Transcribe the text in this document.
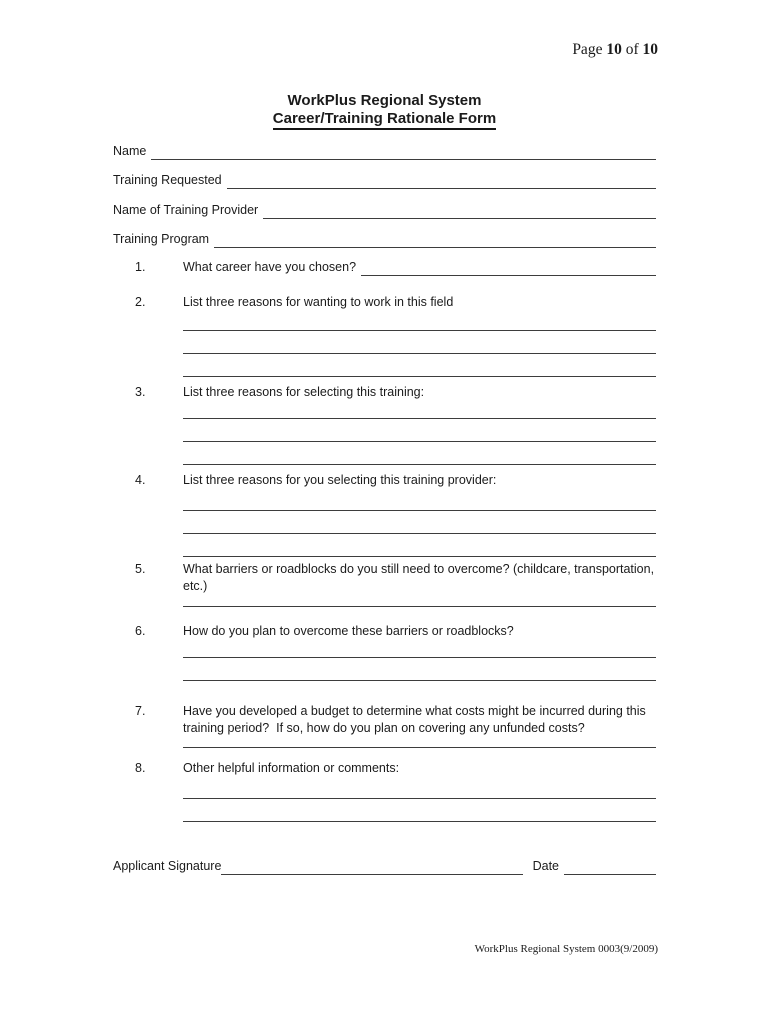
Page 10 of 10
WorkPlus Regional System
Career/Training Rationale Form
Name
Training Requested
Name of Training Provider
Training Program
1.	What career have you chosen?
2.	List three reasons for wanting to work in this field
3.	List three reasons for selecting this training:
4.	List three reasons for you selecting this training provider:
5.	What barriers or roadblocks do you still need to overcome? (childcare, transportation, etc.)
6.	How do you plan to overcome these barriers or roadblocks?
7.	Have you developed a budget to determine what costs might be incurred during this training period?  If so, how do you plan on covering any unfunded costs?
8.	Other helpful information or comments:
Applicant Signature	Date
WorkPlus Regional System 0003(9/2009)
